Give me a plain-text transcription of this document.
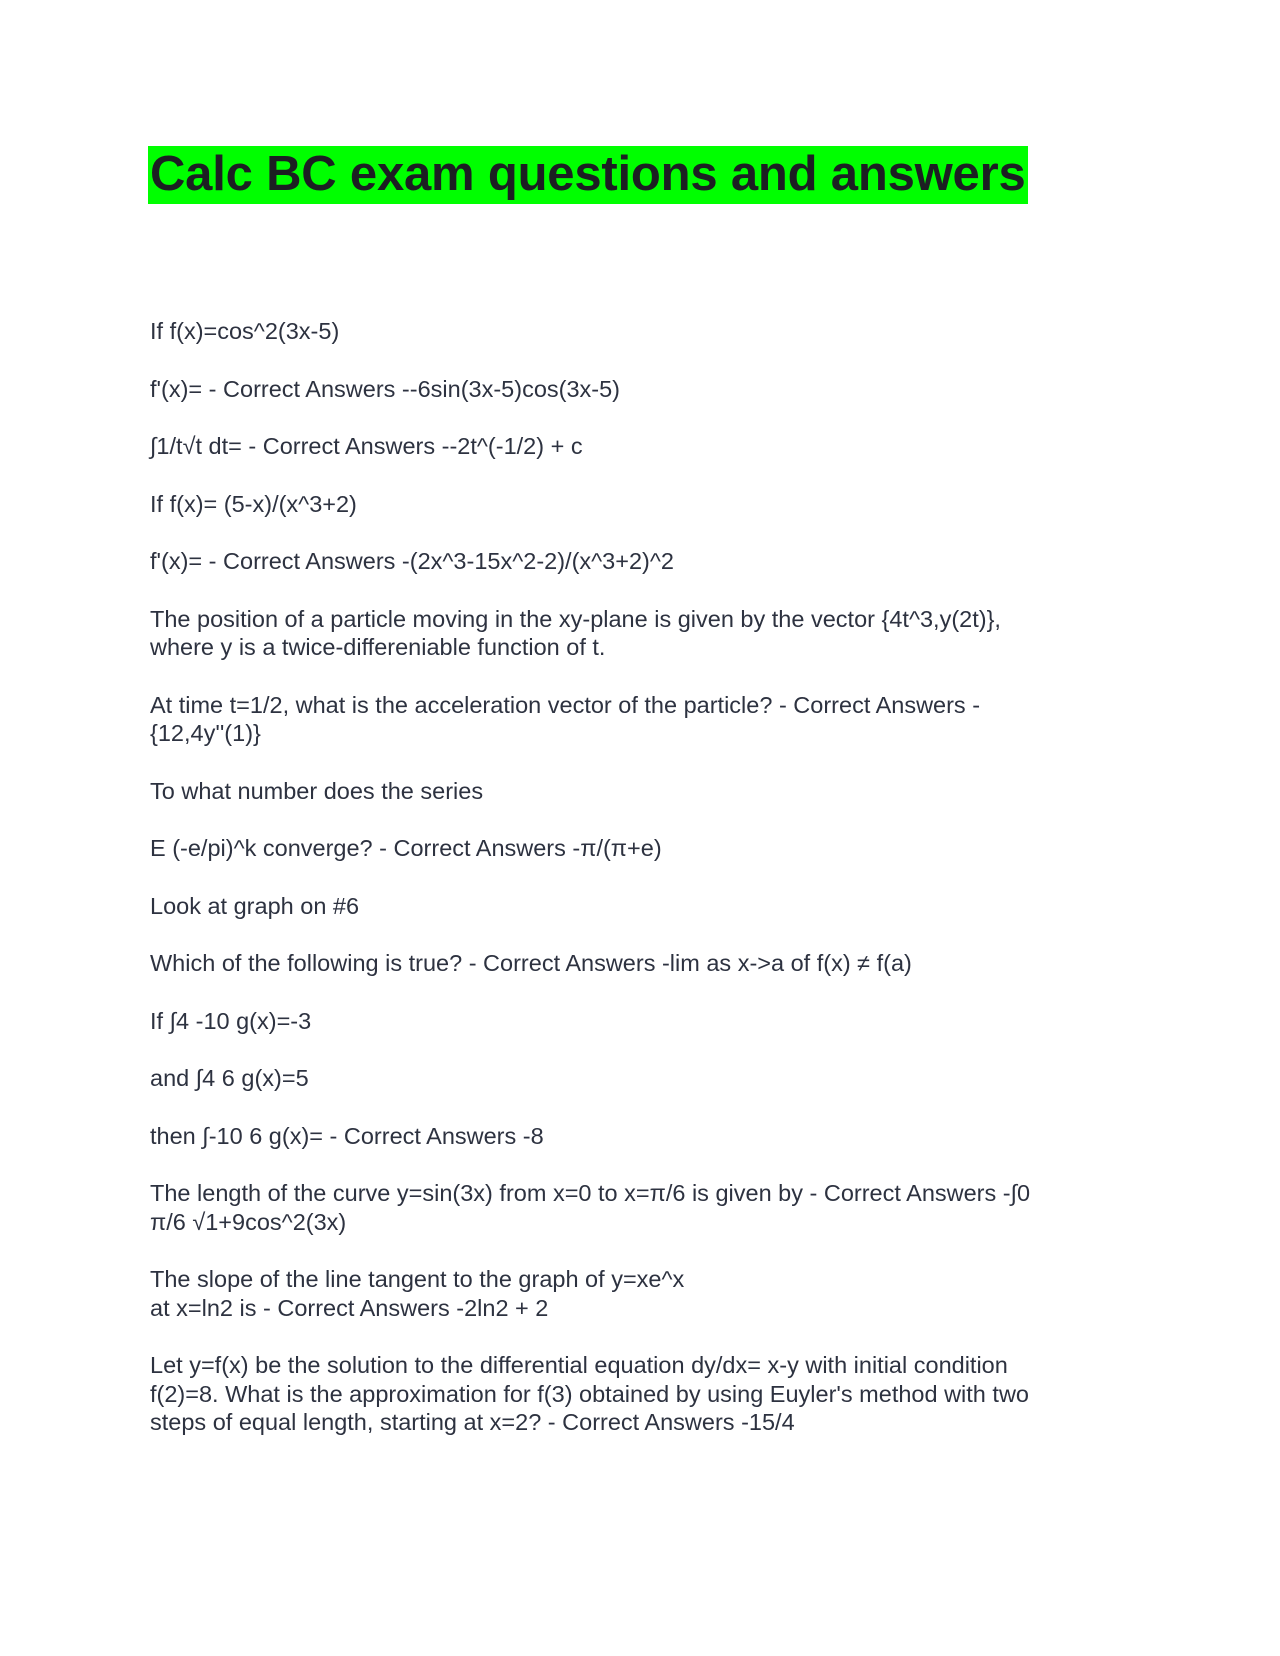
Calc BC exam questions and answers

If f(x)=cos^2(3x-5)

f'(x)= - Correct Answers --6sin(3x-5)cos(3x-5)

∫1/t√t dt= - Correct Answers --2t^(-1/2) + c

If f(x)= (5-x)/(x^3+2)

f'(x)= - Correct Answers -(2x^3-15x^2-2)/(x^3+2)^2

The position of a particle moving in the xy-plane is given by the vector {4t^3,y(2t)},
where y is a twice-differeniable function of t.

At time t=1/2, what is the acceleration vector of the particle? - Correct Answers -
{12,4y''(1)}

To what number does the series

E (-e/pi)^k converge? - Correct Answers -π/(π+e)

Look at graph on #6

Which of the following is true? - Correct Answers -lim as x->a of f(x) ≠ f(a)

If ∫4 -10 g(x)=-3

and ∫4 6 g(x)=5

then ∫-10 6 g(x)= - Correct Answers -8

The length of the curve y=sin(3x) from x=0 to x=π/6 is given by - Correct Answers -∫0
π/6 √1+9cos^2(3x)

The slope of the line tangent to the graph of y=xe^x
at x=ln2 is - Correct Answers -2ln2 + 2

Let y=f(x) be the solution to the differential equation dy/dx= x-y with initial condition
f(2)=8. What is the approximation for f(3) obtained by using Euyler's method with two
steps of equal length, starting at x=2? - Correct Answers -15/4
